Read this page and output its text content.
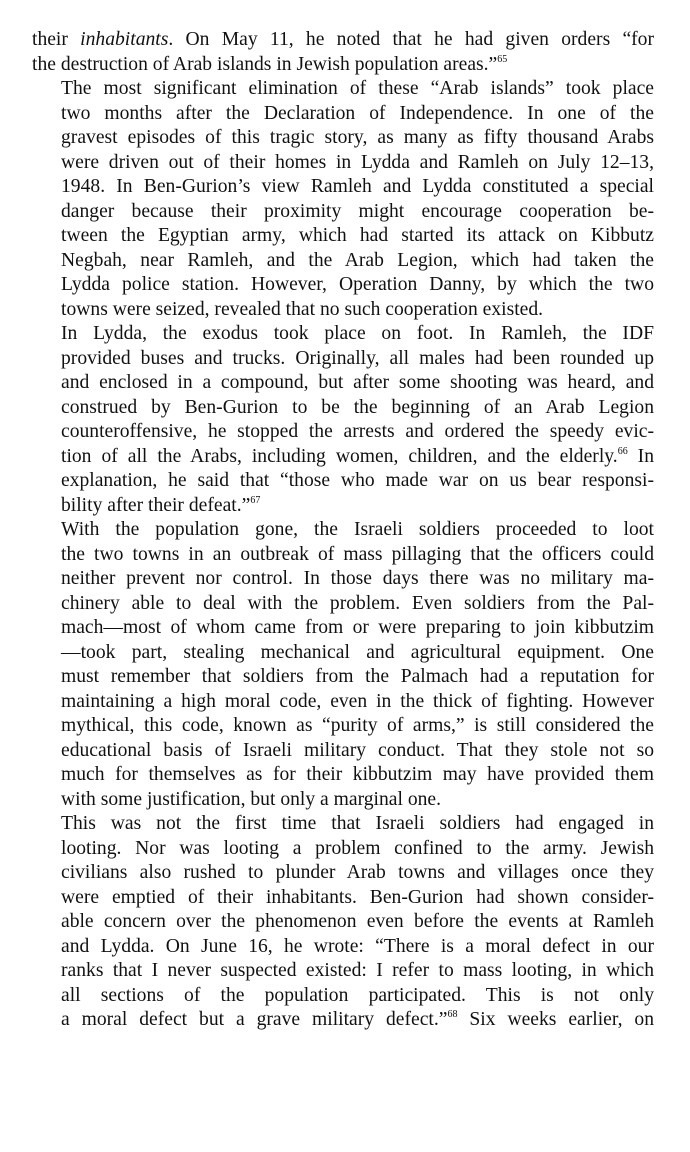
their inhabitants. On May 11, he noted that he had given orders “for
the destruction of Arab islands in Jewish population areas.”$^{65}$
The most significant elimination of these “Arab islands” took place
two months after the Declaration of Independence. In one of the
gravest episodes of this tragic story, as many as fifty thousand Arabs
were driven out of their homes in Lydda and Ramleh on July 12–13,
1948. In Ben-Gurion’s view Ramleh and Lydda constituted a special
danger because their proximity might encourage cooperation be-
tween the Egyptian army, which had started its attack on Kibbutz
Negbah, near Ramleh, and the Arab Legion, which had taken the
Lydda police station. However, Operation Danny, by which the two
towns were seized, revealed that no such cooperation existed.
In Lydda, the exodus took place on foot. In Ramleh, the IDF
provided buses and trucks. Originally, all males had been rounded up
and enclosed in a compound, but after some shooting was heard, and
construed by Ben-Gurion to be the beginning of an Arab Legion
counteroffensive, he stopped the arrests and ordered the speedy evic-
tion of all the Arabs, including women, children, and the elderly.$^{66}$ In
explanation, he said that “those who made war on us bear responsi-
bility after their defeat.”$^{67}$
With the population gone, the Israeli soldiers proceeded to loot
the two towns in an outbreak of mass pillaging that the officers could
neither prevent nor control. In those days there was no military ma-
chinery able to deal with the problem. Even soldiers from the Pal-
mach—most of whom came from or were preparing to join kibbutzim
—took part, stealing mechanical and agricultural equipment. One
must remember that soldiers from the Palmach had a reputation for
maintaining a high moral code, even in the thick of fighting. However
mythical, this code, known as “purity of arms,” is still considered the
educational basis of Israeli military conduct. That they stole not so
much for themselves as for their kibbutzim may have provided them
with some justification, but only a marginal one.
This was not the first time that Israeli soldiers had engaged in
looting. Nor was looting a problem confined to the army. Jewish
civilians also rushed to plunder Arab towns and villages once they
were emptied of their inhabitants. Ben-Gurion had shown consider-
able concern over the phenomenon even before the events at Ramleh
and Lydda. On June 16, he wrote: “There is a moral defect in our
ranks that I never suspected existed: I refer to mass looting, in which
all sections of the population participated. This is not only
a moral defect but a grave military defect.”$^{68}$ Six weeks earlier, on
